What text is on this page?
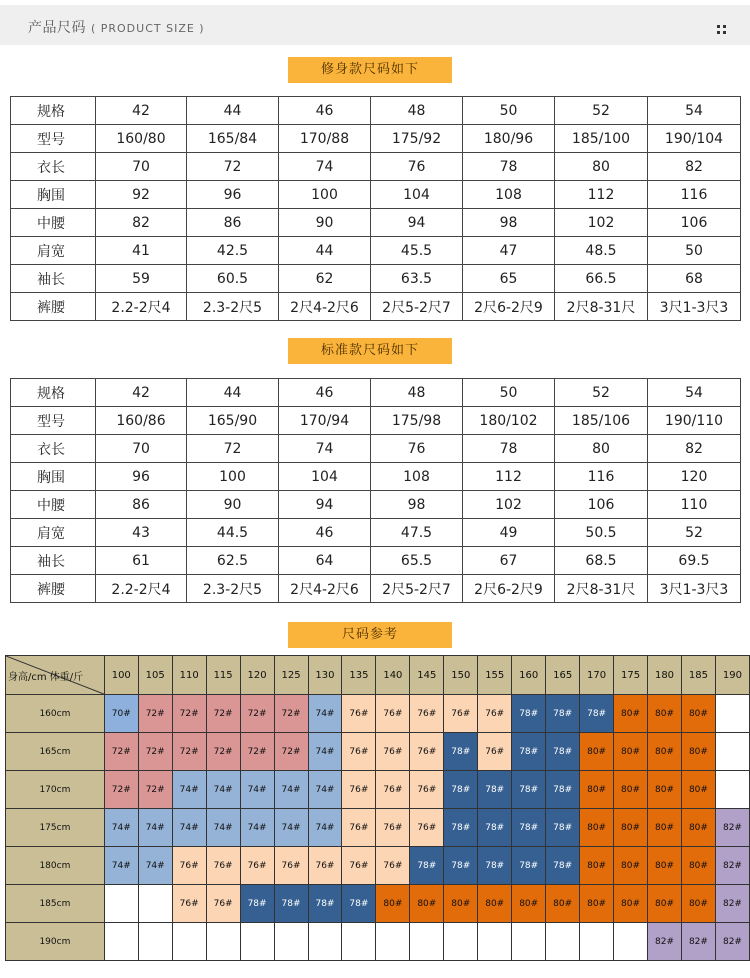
产品尺码 ( PRODUCT SIZE )
修身款尺码如下
规格	42	44	46	48	50	52	54
型号	160/80	165/84	170/88	175/92	180/96	185/100	190/104
衣长	70	72	74	76	78	80	82
胸围	92	96	100	104	108	112	116
中腰	82	86	90	94	98	102	106
肩宽	41	42.5	44	45.5	47	48.5	50
袖长	59	60.5	62	63.5	65	66.5	68
裤腰	2.2-2尺4	2.3-2尺5	2尺4-2尺6	2尺5-2尺7	2尺6-2尺9	2尺8-31尺	3尺1-3尺3
标准款尺码如下
规格	42	44	46	48	50	52	54
型号	160/86	165/90	170/94	175/98	180/102	185/106	190/110
衣长	70	72	74	76	78	80	82
胸围	96	100	104	108	112	116	120
中腰	86	90	94	98	102	106	110
肩宽	43	44.5	46	47.5	49	50.5	52
袖长	61	62.5	64	65.5	67	68.5	69.5
裤腰	2.2-2尺4	2.3-2尺5	2尺4-2尺6	2尺5-2尺7	2尺6-2尺9	2尺8-31尺	3尺1-3尺3
尺码参考
身高/cm 体重/斤	100	105	110	115	120	125	130	135	140	145	150	155	160	165	170	175	180	185	190
160cm	70#	72#	72#	72#	72#	72#	74#	76#	76#	76#	76#	76#	78#	78#	78#	80#	80#	80#	
165cm	72#	72#	72#	72#	72#	72#	74#	76#	76#	76#	78#	76#	78#	78#	80#	80#	80#	80#	
170cm	72#	72#	74#	74#	74#	74#	74#	76#	76#	76#	78#	78#	78#	78#	80#	80#	80#	80#	
175cm	74#	74#	74#	74#	74#	74#	74#	76#	76#	76#	78#	78#	78#	78#	80#	80#	80#	80#	82#
180cm	74#	74#	76#	76#	76#	76#	76#	76#	76#	78#	78#	78#	78#	78#	80#	80#	80#	80#	82#
185cm			76#	76#	78#	78#	78#	78#	80#	80#	80#	80#	80#	80#	80#	80#	80#	80#	82#
190cm																	82#	82#	82#
